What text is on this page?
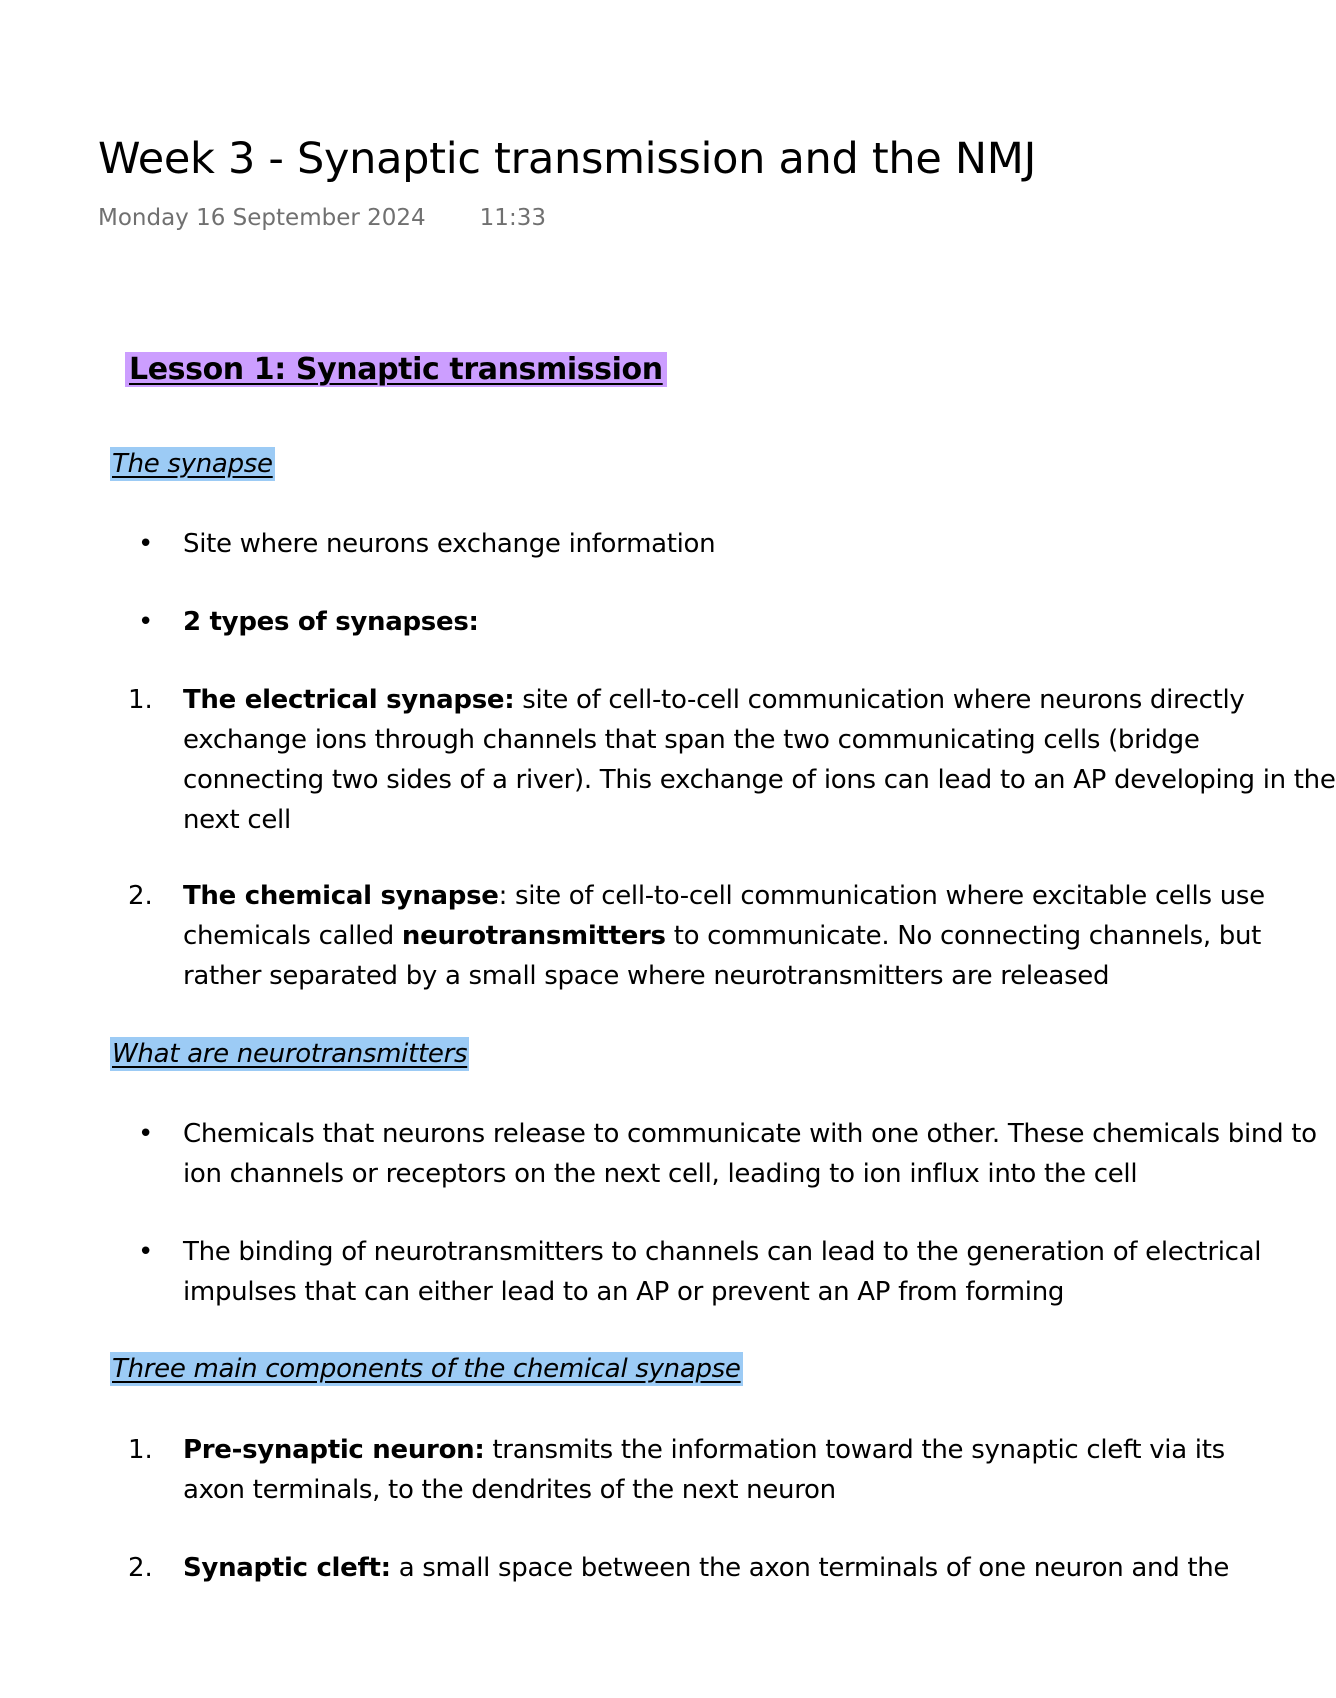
Week 3 - Synaptic transmission and the NMJ
Monday 16 September 2024 11:33
Lesson 1: Synaptic transmission
The synapse
• Site where neurons exchange information
• 2 types of synapses:
1. The electrical synapse: site of cell-to-cell communication where neurons directly
exchange ions through channels that span the two communicating cells (bridge
connecting two sides of a river). This exchange of ions can lead to an AP developing in the
next cell
2. The chemical synapse: site of cell-to-cell communication where excitable cells use
chemicals called neurotransmitters to communicate. No connecting channels, but
rather separated by a small space where neurotransmitters are released
What are neurotransmitters
• Chemicals that neurons release to communicate with one other. These chemicals bind to
ion channels or receptors on the next cell, leading to ion influx into the cell
• The binding of neurotransmitters to channels can lead to the generation of electrical
impulses that can either lead to an AP or prevent an AP from forming
Three main components of the chemical synapse
1. Pre-synaptic neuron: transmits the information toward the synaptic cleft via its
axon terminals, to the dendrites of the next neuron
2. Synaptic cleft: a small space between the axon terminals of one neuron and the
